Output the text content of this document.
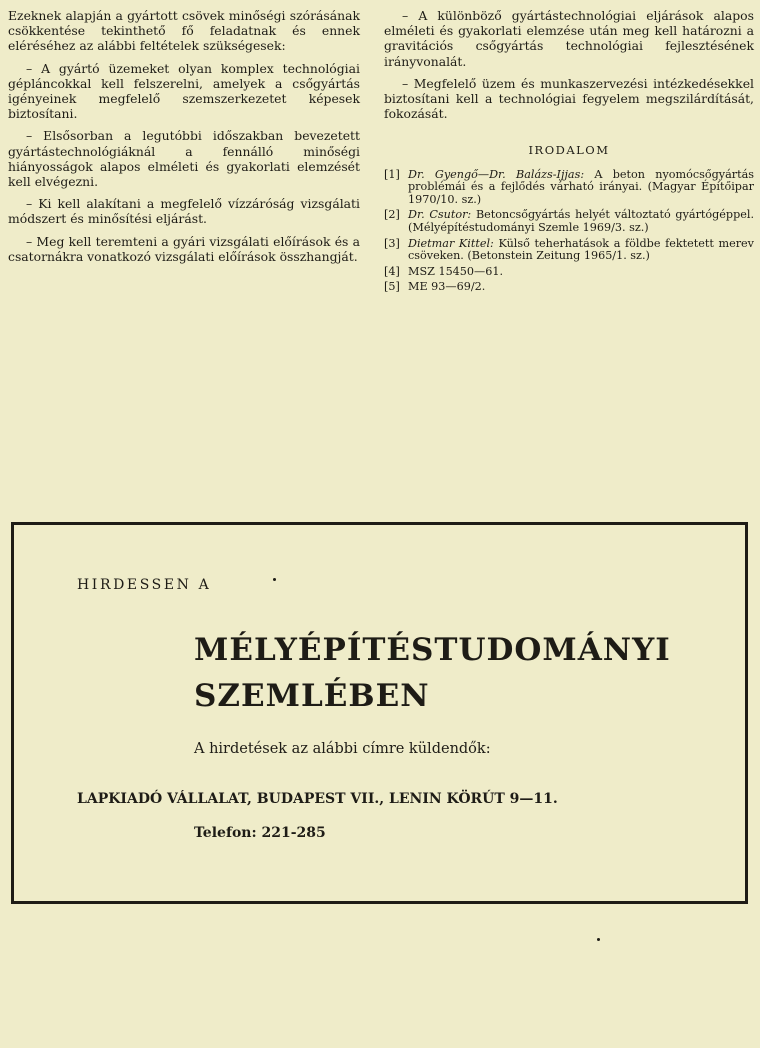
Ezeknek alapján a gyártott csövek minőségi szórásának csökkentése tekinthető fő feladatnak és ennek eléréséhez az alábbi feltételek szükségesek:

– A gyártó üzemeket olyan komplex technológiai gépláncokkal kell felszerelni, amelyek a csőgyártás igényeinek megfelelő szemszerkezetet képesek biztosítani.

– Elsősorban a legutóbbi időszakban bevezetett gyártástechnológiáknál a fennálló minőségi hiányosságok alapos elméleti és gyakorlati elemzését kell elvégezni.

– Ki kell alakítani a megfelelő vízzáróság vizsgálati módszert és minősítési eljárást.

– Meg kell teremteni a gyári vizsgálati előírások és a csatornákra vonatkozó vizsgálati előírások összhangját.

– A különböző gyártástechnológiai eljárások alapos elméleti és gyakorlati elemzése után meg kell határozni a gravitációs csőgyártás technológiai fejlesztésének irányvonalát.

– Megfelelő üzem és munkaszervezési intézkedésekkel biztosítani kell a technológiai fegyelem megszilárdítását, fokozását.

IRODALOM
[1] Dr. Gyengő—Dr. Balázs-Ijjas: A beton nyomócsőgyártás problémái és a fejlődés várható irányai. (Magyar Építőipar 1970/10. sz.)
[2] Dr. Csutor: Betoncsőgyártás helyét változtató gyártógéppel. (Mélyépítéstudományi Szemle 1969/3. sz.)
[3] Dietmar Kittel: Külső teherhatások a földbe fektetett merev csöveken. (Betonstein Zeitung 1965/1. sz.)
[4] MSZ 15450—61.
[5] ME 93—69/2.
HIRDESSEN A
MÉLYÉPÍTÉSTUDOMÁNYI
SZEMLÉBEN
A hirdetések az alábbi címre küldendők:
LAPKIADÓ VÁLLALAT, BUDAPEST VII., LENIN KÖRÚT 9—11.
Telefon: 221-285
